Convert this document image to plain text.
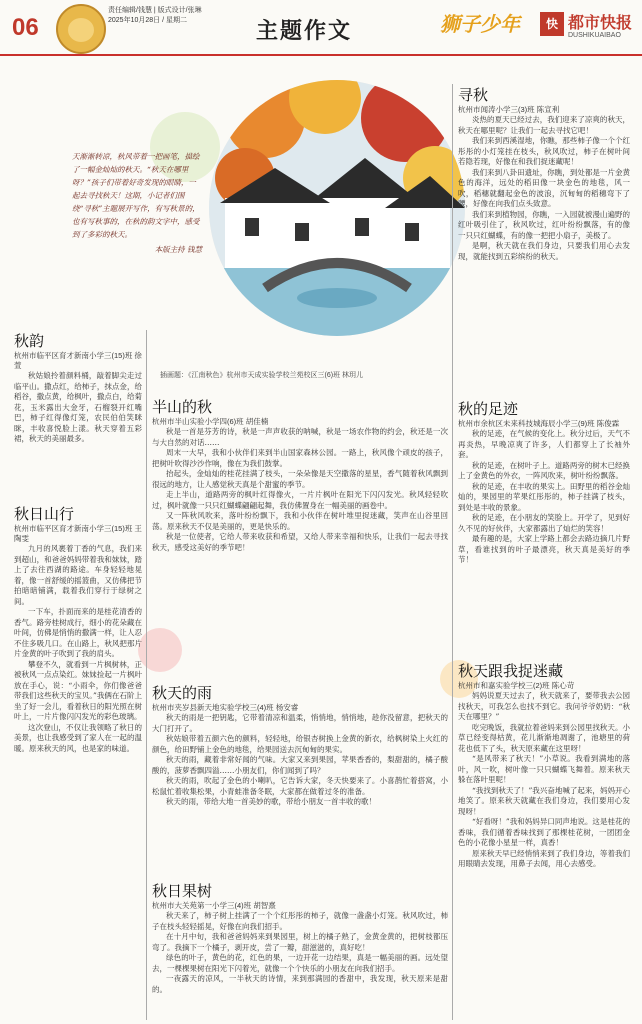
06
责任编辑/钱慧 | 版式设计/张琳
2025年10月28日 / 星期二	主题作文	狮子少年	快 都市快报
DUSHIKUAIBAO
天渐渐转凉，秋风带着一把画笔，描绘了一幅金灿灿的秋天。“秋天在哪里呀？”孩子们带着好奇发现的眼睛，一起去寻找秋天！这期，小记者们围绕“寻秋”主题展开写作，有写秋景的，也有写秋事的，在秋的韵文字中，感受到了多彩的秋天。
本版主持 钱慧
插画题：《江南秋色》杭州市天成实验学校兰苑校区三(6)班 林玥儿
秋韵
杭州市临平区育才新南小学三(15)班 徐萱

秋姑娘拎着颜料桶，敲着脚尖走过临平山。撒点红，给柿子，抹点金，给稻谷，撒点黄，给枫叶，撒点白，给菊花，玉米露出大金牙，石榴裂开红嘴巴，柿子红得像灯笼，农民伯伯笑眯眯，丰收喜悦脸上漾。秋天穿着五彩裙，秋天的美丽最多。

秋日山行
杭州市临平区育才新南小学三(15)班 王陶雯

九月的风裹着丁香的气息，我们来到超山，和爸爸妈妈带着我和妹妹，踏上了去往西湖的路途。车身轻轻地晃着，像一首舒缓的摇篮曲，又仿佛把节拍暗暗铺满，载着我们穿行于绿树之间。

一下车，扑面而来的是桂花清香的香气。路旁桂树成行，细小的花朵藏在叶间，仿佛是悄悄的撒满一样，让人忍不住多吸几口。在山路上，秋风把那片片金黄的叶子吹到了我的肩头。

攀登不久，就看到一片枫树林，正被秋风一点点染红。妹妹捡起一片枫叶放在手心，说：“小雨伞，你们像爸爸带我们这些秋天的宝贝。”我俩在石阶上坐了好一会儿，看着秋日的阳光照在树叶上，一片片像闪闪发光的彩色玻璃。

这次登山，不仅让我领略了秋日的美景，也让我感受到了家人在一起的温暖。原来秋天的风，也是家的味道。

半山的秋
杭州市半山实验小学四(6)班 胡佳楠

秋是一首是芬芳的诗，秋是一声声收获的呐喊，秋是一场农作物的约会，秋还是一次与大自然的对话……

周末一大早，我和小伙伴们来到半山国家森林公园。一路上，秋风像个顽皮的孩子，把树叶吹得沙沙作响，像在为我们鼓掌。

抬起头，金灿灿的桂花挂满了枝头，一朵朵像是天空撒落的星星，香气随着秋风飘到很远的地方，让人感觉秋天真是个甜蜜的季节。

走上半山，道路两旁的枫叶红得像火，一片片枫叶在阳光下闪闪发光。秋风轻轻吹过，枫叶就像一只只红蝴蝶翩翩起舞，我仿佛置身在一幅美丽的画卷中。

又一阵秋风吹来，落叶纷纷飘下，我和小伙伴在树叶堆里捉迷藏，笑声在山谷里回荡。原来秋天不仅是美丽的，更是快乐的。

秋是一位使者，它给人带来收获和希望，又给人带来幸福和快乐，让我们一起去寻找秋天，感受这美好的季节吧！

秋天的雨
杭州市夹岁县新天地实验学校三(4)班 杨安睿

秋天的雨是一把钥匙，它带着清凉和温柔，悄悄地，悄悄地，趁你没留意，把秋天的大门打开了。

秋姑娘带着五颜六色的颜料，轻轻地，给银杏树换上金黄的新衣，给枫树染上火红的颜色，给田野铺上金色的地毯，给果园送去沉甸甸的果实。

秋天的雨，藏着非常好闻的气味。大家又来到果园，苹果香香的，梨甜甜的，橘子酸酸的，菠萝香飘四溢……小朋友们，你们闻到了吗？

秋天的雨，吹起了金色的小喇叭，它告诉大家，冬天快要来了。小喜鹊忙着搭窝，小松鼠忙着收集松果，小青蛙准备冬眠，大家都在做着过冬的准备。

秋天的雨，带给大地一首美妙的歌，带给小朋友一首丰收的歌！

秋日果树
杭州市大关苑第一小学三(4)班 胡智熹

秋天来了，柿子树上挂满了一个个红彤彤的柿子，就像一盏盏小灯笼。秋风吹过，柿子在枝头轻轻摇晃，好像在向我们招手。

在十月中旬，我和爸爸妈妈来到果园里，树上的橘子熟了，金黄金黄的，把树枝都压弯了。我摘下一个橘子，剥开皮，尝了一瓣，甜滋滋的，真好吃！

绿色的叶子，黄色的花，红色的果，一边开花一边结果，真是一幅美丽的画。远处望去，一棵棵果树在阳光下闪着光，就像一个个快乐的小朋友在向我们招手。

一夜露天的凉风，一半秋天的诗情，来到那满园的香甜中，我发现，秋天原来是甜的。

寻秋
杭州市闻涛小学三(3)班 陈宣利

炎热的夏天已经过去，我们迎来了凉爽的秋天，秋天在哪里呢？让我们一起去寻找它吧！

我们来到西溪湿地，你瞧，那些柿子像一个个红彤彤的小灯笼挂在枝头，秋风吹过，柿子在树叶间若隐若现，好像在和我们捉迷藏呢！

我们来到八卦田遗址，你瞧，到处都是一片金黄色的海洋，远处的稻田像一块金色的地毯，风一吹，稻穗就翻起金色的波浪，沉甸甸的稻穗弯下了腰，好像在向我们点头致意。

我们来到植物园，你瞧，一入园就被漫山遍野的红叶吸引住了，秋风吹过，红叶纷纷飘落，有的像一只只红蝴蝶，有的像一把把小扇子，美极了。

是啊，秋天就在我们身边，只要我们用心去发现，就能找到五彩缤纷的秋天。

秋的足迹
杭州市余杭区未来科技城海辰小学三(9)班 陈俊霖

秋的足迹，在气候的变化上。秋分过后，天气不再炎热，早晚凉爽了许多，人们都穿上了长袖外套。

秋的足迹，在树叶子上。道路两旁的树木已经换上了金黄色的外衣，一阵风吹来，树叶纷纷飘落。

秋的足迹，在丰收的果实上。田野里的稻谷金灿灿的，果园里的苹果红彤彤的，柿子挂满了枝头，到处是丰收的景象。

秋的足迹，在小朋友的笑脸上。开学了，见到好久不见的好伙伴，大家都露出了灿烂的笑容！

最有趣的是，大家上学路上都会去路边摘几片野草，看谁找到的叶子最漂亮，秋天真是美好的季节！

秋天跟我捉迷藏
杭州市和嘉实验学校三(2)班 陈心苛

妈妈说夏天过去了，秋天就来了，要带我去公园找秋天，可我怎么也找不到它。我问爷爷奶奶：“秋天在哪里？”

吃完晚饭，我就拉着爸妈来到公园里找秋天。小草已经变得枯黄，花儿渐渐地凋谢了，池塘里的荷花也低下了头，秋天原来藏在这里呀！

“是风带来了秋天！”小草说。我看到满地的落叶，风一吹，树叶像一只只蝴蝶飞舞着。原来秋天躲在落叶里呢！

“我找到秋天了！”我兴奋地喊了起来，妈妈开心地笑了。原来秋天就藏在我们身边，我们要用心发现呀！

“好看呀！”我和妈妈异口同声地说。这是桂花的香味，我们循着香味找到了那棵桂花树，一团团金色的小花像小星星一样，真香！

原来秋天早已经悄悄来到了我们身边，等着我们用眼睛去发现，用鼻子去闻，用心去感受。
